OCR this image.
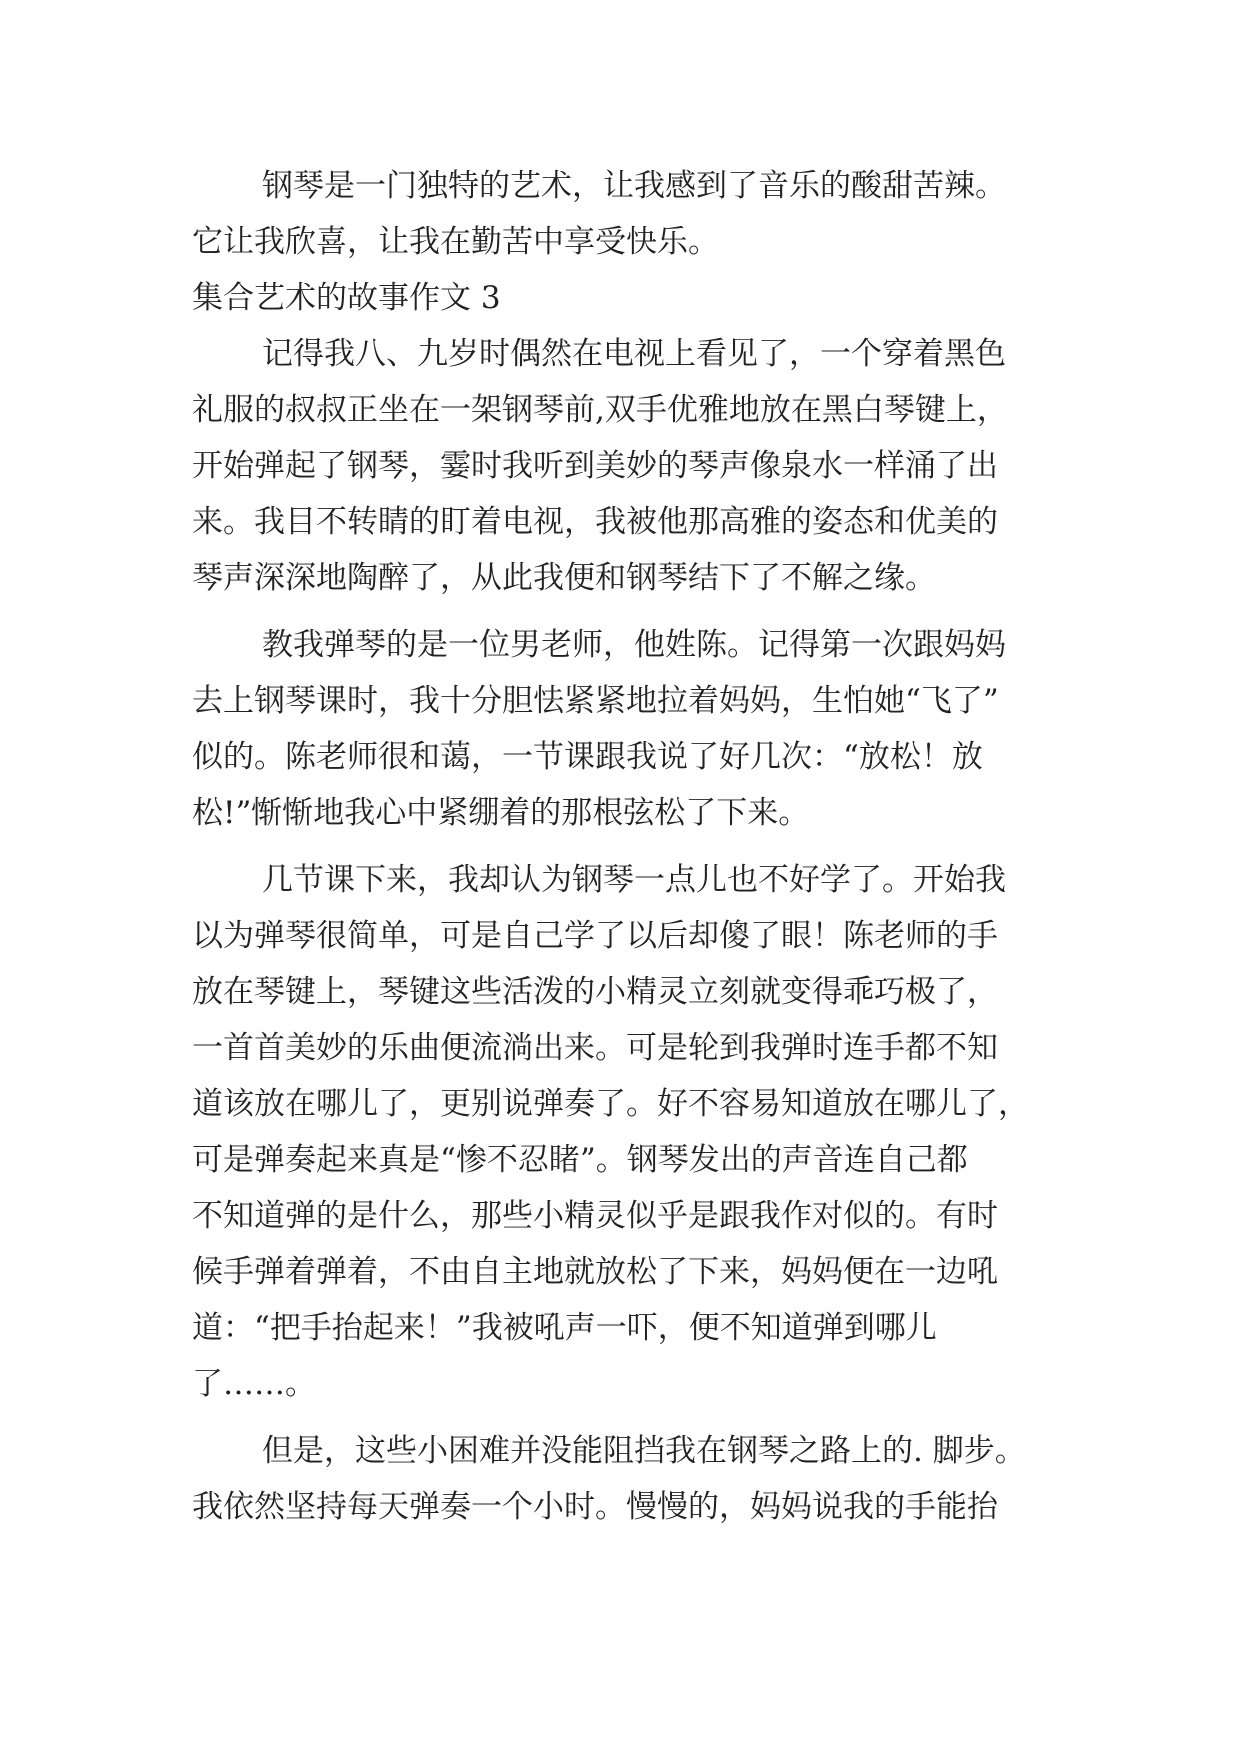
钢琴是一门独特的艺术，让我感到了音乐的酸甜苦辣。
它让我欣喜，让我在勤苦中享受快乐。
集合艺术的故事作文 3
记得我八、九岁时偶然在电视上看见了，一个穿着黑色
礼服的叔叔正坐在一架钢琴前,双手优雅地放在黑白琴键上，
开始弹起了钢琴，霎时我听到美妙的琴声像泉水一样涌了出
来。我目不转睛的盯着电视，我被他那高雅的姿态和优美的
琴声深深地陶醉了，从此我便和钢琴结下了不解之缘。
教我弹琴的是一位男老师，他姓陈。记得第一次跟妈妈
去上钢琴课时，我十分胆怯紧紧地拉着妈妈，生怕她“飞了”
似的。陈老师很和蔼，一节课跟我说了好几次：“放松！放
松!”惭惭地我心中紧绷着的那根弦松了下来。
几节课下来，我却认为钢琴一点儿也不好学了。开始我
以为弹琴很简单，可是自己学了以后却傻了眼！陈老师的手
放在琴键上，琴键这些活泼的小精灵立刻就变得乖巧极了，
一首首美妙的乐曲便流淌出来。可是轮到我弹时连手都不知
道该放在哪儿了，更别说弹奏了。好不容易知道放在哪儿了，
可是弹奏起来真是“惨不忍睹”。钢琴发出的声音连自己都
不知道弹的是什么，那些小精灵似乎是跟我作对似的。有时
候手弹着弹着，不由自主地就放松了下来，妈妈便在一边吼
道：“把手抬起来！”我被吼声一吓，便不知道弹到哪儿
了……。
但是，这些小困难并没能阻挡我在钢琴之路上的. 脚步。
我依然坚持每天弹奏一个小时。慢慢的，妈妈说我的手能抬
